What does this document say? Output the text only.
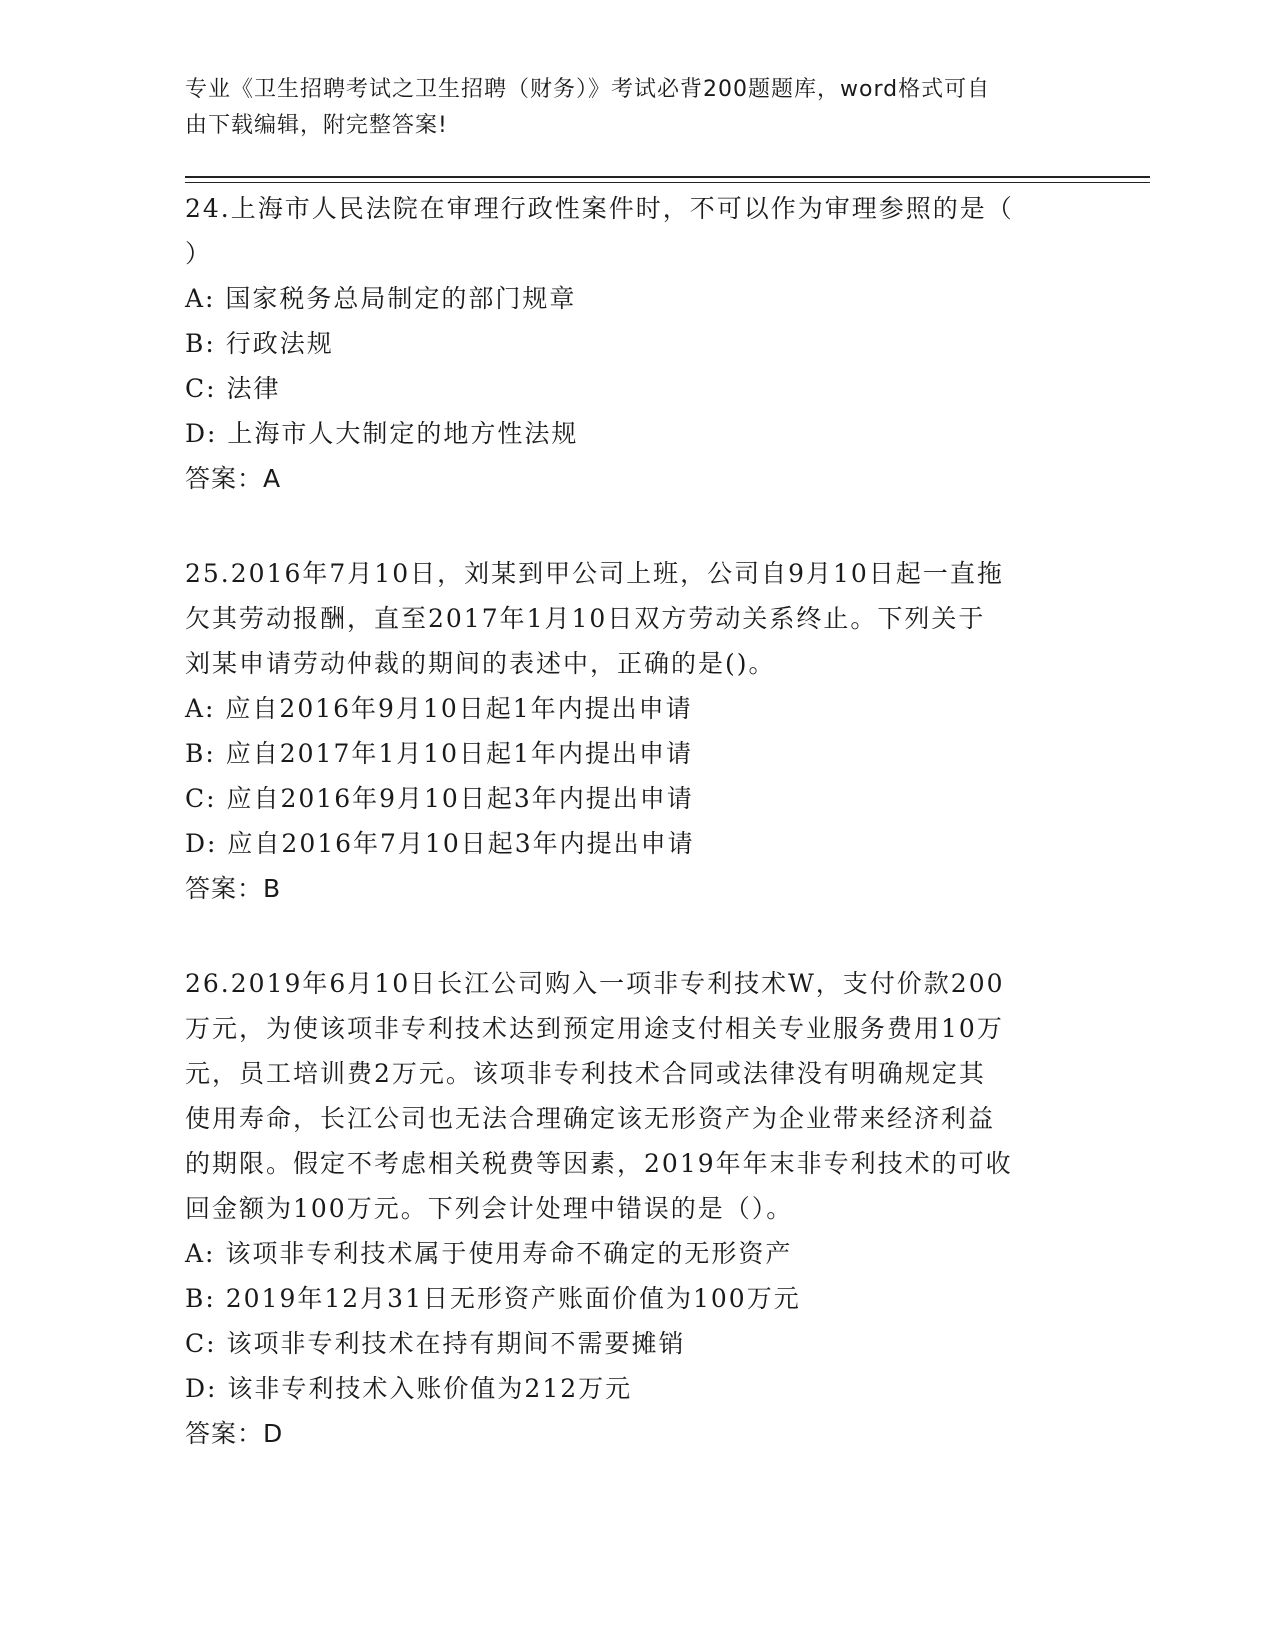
专业《卫生招聘考试之卫生招聘（财务）》考试必背200题题库，word格式可自
由下载编辑，附完整答案!

24.上海市人民法院在审理行政性案件时，不可以作为审理参照的是（

）

A: 国家税务总局制定的部门规章

B: 行政法规

C: 法律

D: 上海市人大制定的地方性法规

答案：A

25.2016年7月10日，刘某到甲公司上班，公司自9月10日起一直拖

欠其劳动报酬，直至2017年1月10日双方劳动关系终止。下列关于

刘某申请劳动仲裁的期间的表述中，正确的是()。

A: 应自2016年9月10日起1年内提出申请

B: 应自2017年1月10日起1年内提出申请

C: 应自2016年9月10日起3年内提出申请

D: 应自2016年7月10日起3年内提出申请

答案：B

26.2019年6月10日长江公司购入一项非专利技术W，支付价款200

万元，为使该项非专利技术达到预定用途支付相关专业服务费用10万

元，员工培训费2万元。该项非专利技术合同或法律没有明确规定其

使用寿命，长江公司也无法合理确定该无形资产为企业带来经济利益

的期限。假定不考虑相关税费等因素，2019年年末非专利技术的可收

回金额为100万元。下列会计处理中错误的是（）。

A: 该项非专利技术属于使用寿命不确定的无形资产

B: 2019年12月31日无形资产账面价值为100万元

C: 该项非专利技术在持有期间不需要摊销

D: 该非专利技术入账价值为212万元

答案：D
